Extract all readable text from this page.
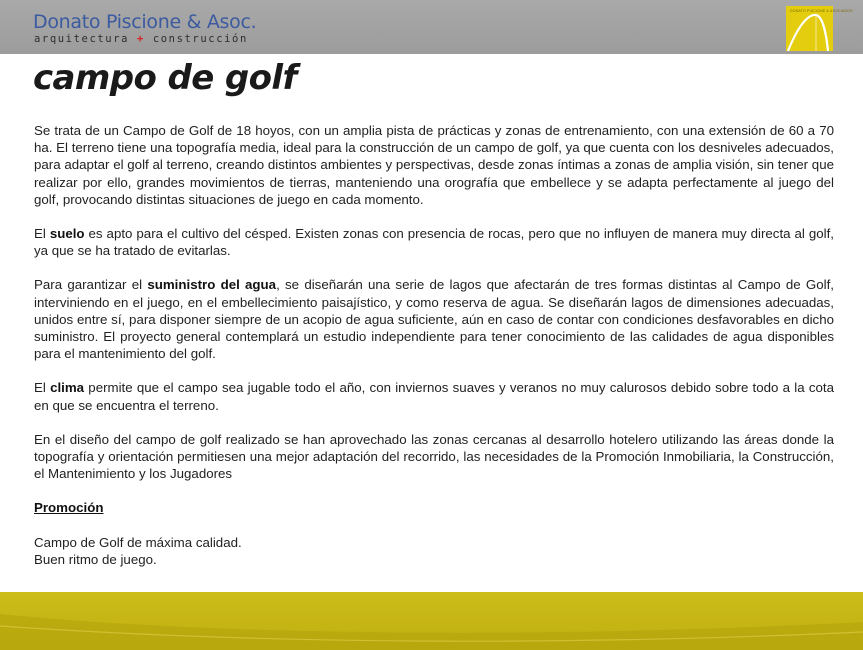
Donato Piscione & Asoc.
arquitectura + construcción
DONATO PISCIONE & ASOCIADOS
campo de golf

Se trata de un Campo de Golf de 18 hoyos, con un amplia pista de prácticas y zonas de entrenamiento, con una extensión de 60 a 70 ha. El terreno tiene una topografía media, ideal para la construcción de un campo de golf, ya que cuenta con los desniveles adecuados, para adaptar el golf al terreno, creando distintos ambientes y perspectivas, desde zonas íntimas a zonas de amplia visión, sin tener que realizar por ello, grandes movimientos de tierras, manteniendo una orografía que embellece y se adapta perfectamente al juego del golf, provocando distintas situaciones de juego en cada momento.

El suelo es apto para el cultivo del césped. Existen zonas con presencia de rocas, pero que no influyen de manera muy directa al golf, ya que se ha tratado de evitarlas.

Para garantizar el suministro del agua, se diseñarán una serie de lagos que afectarán de tres formas distintas al Campo de Golf, interviniendo en el juego, en el embellecimiento paisajístico, y como reserva de agua. Se diseñarán lagos de dimensiones adecuadas, unidos entre sí, para disponer siempre de un acopio de agua suficiente, aún en caso de contar con condiciones desfavorables en dicho suministro. El proyecto general contemplará un estudio independiente para tener conocimiento de las calidades de agua disponibles para el mantenimiento del golf.

El clima permite que el campo sea jugable todo el año, con inviernos suaves y veranos no muy calurosos debido sobre todo a la cota en que se encuentra el terreno.

En el diseño del campo de golf realizado se han aprovechado las zonas cercanas al desarrollo hotelero utilizando las áreas donde la topografía y orientación permitiesen una mejor adaptación del recorrido, las necesidades de la Promoción Inmobiliaria, la Construcción, el Mantenimiento y los Jugadores

Promoción
Campo de Golf de máxima calidad.
Buen ritmo de juego.
